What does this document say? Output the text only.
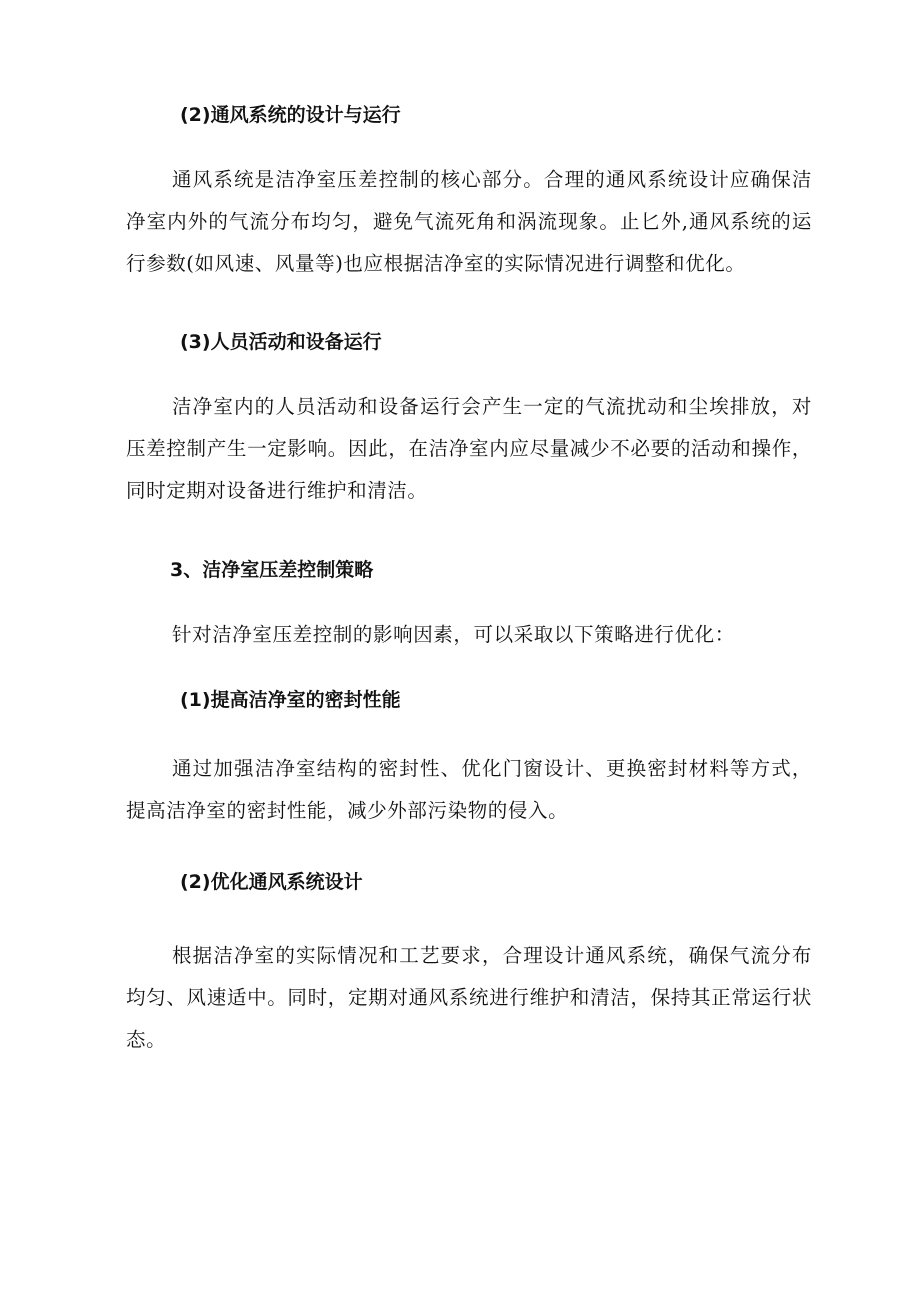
(2)通风系统的设计与运行
通风系统是洁净室压差控制的核心部分。合理的通风系统设计应确保洁净室内外的气流分布均匀，避免气流死角和涡流现象。止匕外,通风系统的运行参数(如风速、风量等)也应根据洁净室的实际情况进行调整和优化。
(3)人员活动和设备运行
洁净室内的人员活动和设备运行会产生一定的气流扰动和尘埃排放，对压差控制产生一定影响。因此，在洁净室内应尽量减少不必要的活动和操作，同时定期对设备进行维护和清洁。
3、洁净室压差控制策略
针对洁净室压差控制的影响因素，可以采取以下策略进行优化：
(1)提高洁净室的密封性能
通过加强洁净室结构的密封性、优化门窗设计、更换密封材料等方式，提高洁净室的密封性能，减少外部污染物的侵入。
(2)优化通风系统设计
根据洁净室的实际情况和工艺要求，合理设计通风系统，确保气流分布均匀、风速适中。同时，定期对通风系统进行维护和清洁，保持其正常运行状态。
